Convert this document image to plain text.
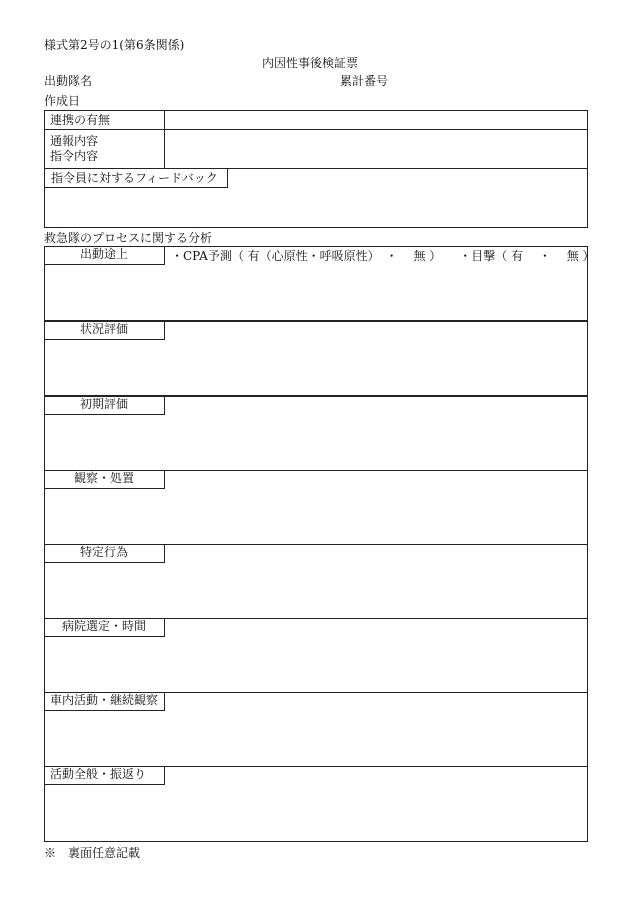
様式第2号の1(第6条関係)
内因性事後検証票
出動隊名	累計番号
作成日
連携の有無
通報内容
指令内容
指令員に対するフィードバック
救急隊のプロセスに関する分析
出動途上	・CPA予測（ 有（心原性・呼吸原性）　・　 無 ）　　・目撃（ 有　 ・　 無 ）
状況評価
初期評価
観察・処置
特定行為
病院選定・時間
車内活動・継続観察
活動全般・振返り
※　裏面任意記載
